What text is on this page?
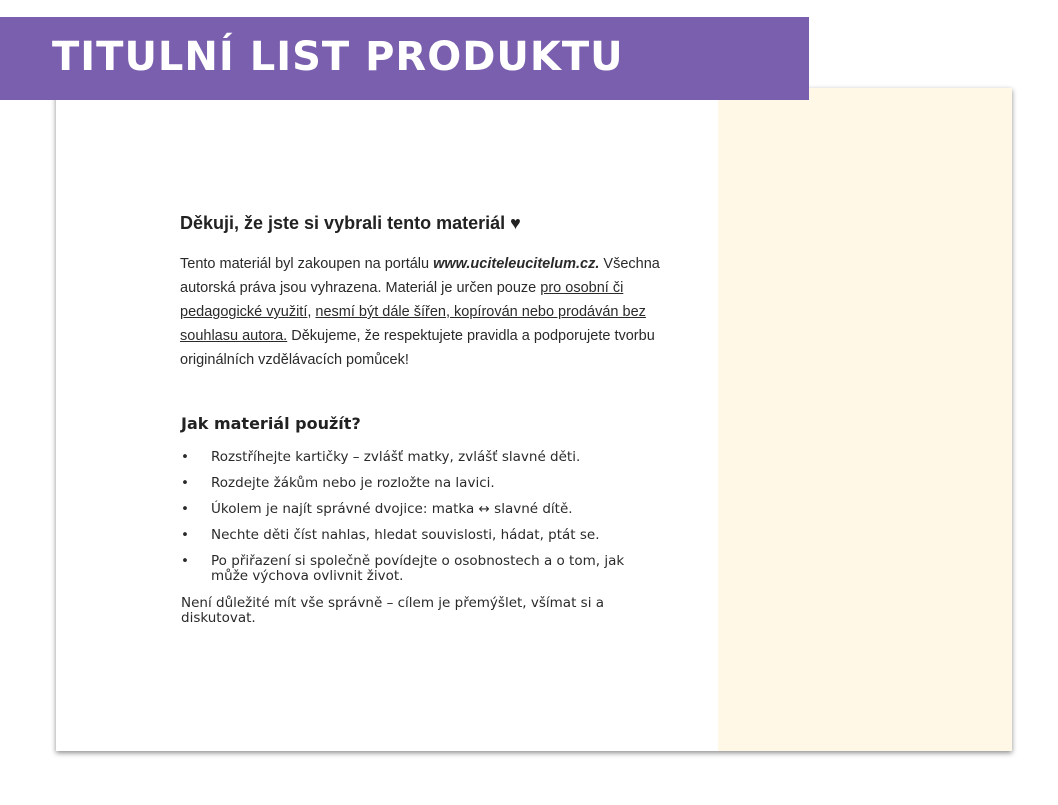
TITULNÍ LIST PRODUKTU
Děkuji, že jste si vybrali tento materiál ♥

Tento materiál byl zakoupen na portálu www.uciteleucitelum.cz. Všechna autorská práva jsou vyhrazena. Materiál je určen pouze pro osobní či pedagogické využití, nesmí být dále šířen, kopírován nebo prodáván bez souhlasu autora. Děkujeme, že respektujete pravidla a podporujete tvorbu originálních vzdělávacích pomůcek!

Jak materiál použít?
• Rozstříhejte kartičky – zvlášť matky, zvlášť slavné děti.
• Rozdejte žákům nebo je rozložte na lavici.
• Úkolem je najít správné dvojice: matka ↔ slavné dítě.
• Nechte děti číst nahlas, hledat souvislosti, hádat, ptát se.
• Po přiřazení si společně povídejte o osobnostech a o tom, jak může výchova ovlivnit život.

Není důležité mít vše správně – cílem je přemýšlet, všímat si a diskutovat.
